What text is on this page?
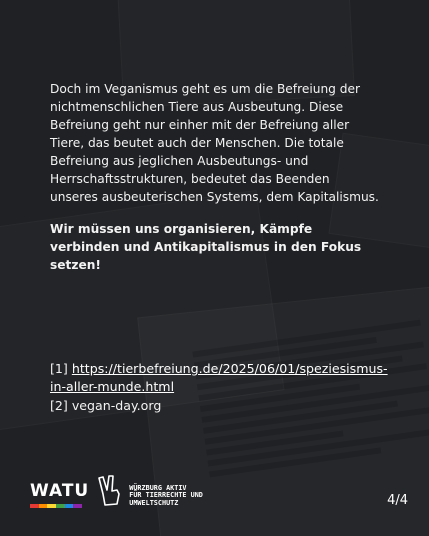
Doch im Veganismus geht es um die Befreiung der nichtmenschlichen Tiere aus Ausbeutung. Diese Befreiung geht nur einher mit der Befreiung aller Tiere, das beutet auch der Menschen. Die totale Befreiung aus jeglichen Ausbeutungs- und Herrschaftsstrukturen, bedeutet das Beenden unseres ausbeuterischen Systems, dem Kapitalismus.

Wir müssen uns organisieren, Kämpfe verbinden und Antikapitalismus in den Fokus setzen!

[1] https://tierbefreiung.de/2025/06/01/speziesismus-in-aller-munde.html
[2] vegan-day.org
WATU	WÜRZBURG AKTIV
FÜR TIERRECHTE UND
UMWELTSCHUTZ	4/4
